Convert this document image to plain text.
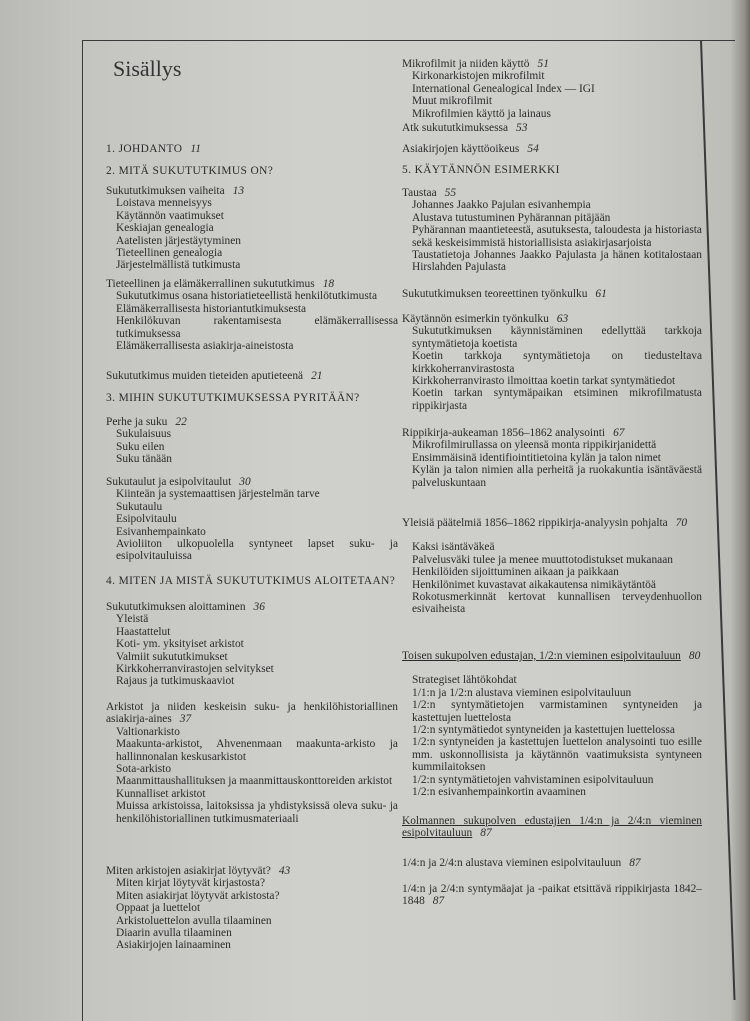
Sisällys
1. JOHDANTO 11
2. MITÄ SUKUTUTKIMUS ON?
Sukututkimuksen vaiheita 13
Loistava menneisyys
Käytännön vaatimukset
Keskiajan genealogia
Aatelisten järjestäytyminen
Tieteellinen genealogia
Järjestelmällistä tutkimusta
Tieteellinen ja elämäkerrallinen sukututkimus 18
Sukututkimus osana historiatieteellistä henkilötutkimusta
Elämäkerrallisesta historiantutkimuksesta
Henkilökuvan rakentamisesta elämäkerrallisessa tutkimuksessa
Elämäkerrallisesta asiakirja-aineistosta
Sukututkimus muiden tieteiden aputieteenä 21
3. MIHIN SUKUTUTKIMUKSESSA PYRITÄÄN?
Perhe ja suku 22
Sukulaisuus
Suku eilen
Suku tänään
Sukutaulut ja esipolvitaulut 30
Kiinteän ja systemaattisen järjestelmän tarve
Sukutaulu
Esipolvitaulu
Esivanhempainkato
Avioliiton ulkopuolella syntyneet lapset suku- ja esipolvitauluissa
4. MITEN JA MISTÄ SUKUTUTKIMUS ALOITETAAN?
Sukututkimuksen aloittaminen 36
Yleistä
Haastattelut
Koti- ym. yksityiset arkistot
Valmiit sukututkimukset
Kirkkoherranvirastojen selvitykset
Rajaus ja tutkimuskaaviot
Arkistot ja niiden keskeisin suku- ja henkilöhistoriallinen asiakirja-aines 37
Valtionarkisto
Maakunta-arkistot, Ahvenenmaan maakunta-arkisto ja hallinnonalan keskusarkistot
Sota-arkisto
Maanmittaushallituksen ja maanmittauskonttoreiden arkistot
Kunnalliset arkistot
Muissa arkistoissa, laitoksissa ja yhdistyksissä oleva suku- ja henkilöhistoriallinen tutkimusmateriaali
Miten arkistojen asiakirjat löytyvät? 43
Miten kirjat löytyvät kirjastosta?
Miten asiakirjat löytyvät arkistosta?
Oppaat ja luettelot
Arkistoluettelon avulla tilaaminen
Diaarin avulla tilaaminen
Asiakirjojen lainaaminen
Mikrofilmit ja niiden käyttö 51
Kirkonarkistojen mikrofilmit
International Genealogical Index — IGI
Muut mikrofilmit
Mikrofilmien käyttö ja lainaus
Atk sukututkimuksessa 53
Asiakirjojen käyttöoikeus 54
5. KÄYTÄNNÖN ESIMERKKI
Taustaa 55
Johannes Jaakko Pajulan esivanhempia
Alustava tutustuminen Pyhärannan pitäjään
Pyhärannan maantieteestä, asutuksesta, taloudesta ja historiasta sekä keskeisimmistä historiallisista asiakirjasarjoista
Taustatietoja Johannes Jaakko Pajulasta ja hänen kotitalostaan Hirslahden Pajulasta
Sukututkimuksen teoreettinen työnkulku 61
Käytännön esimerkin työnkulku 63
Sukututkimuksen käynnistäminen edellyttää tarkkoja syntymätietoja koetista
Koetin tarkkoja syntymätietoja on tiedusteltava kirkkoherranvirastosta
Kirkkoherranvirasto ilmoittaa koetin tarkat syntymätiedot
Koetin tarkan syntymäpaikan etsiminen mikrofilmatusta rippikirjasta
Rippikirja-aukeaman 1856–1862 analysointi 67
Mikrofilmirullassa on yleensä monta rippikirjanidettä
Ensimmäisinä identifiointitietoina kylän ja talon nimet
Kylän ja talon nimien alla perheitä ja ruokakuntia isäntäväestä palveluskuntaan
Yleisiä päätelmiä 1856–1862 rippikirja-analyysin pohjalta 70
Kaksi isäntäväkeä
Palvelusväki tulee ja menee muuttotodistukset mukanaan
Henkilöiden sijoittuminen aikaan ja paikkaan
Henkilönimet kuvastavat aikakautensa nimikäytäntöä
Rokotusmerkinnät kertovat kunnallisen terveydenhuollon esivaiheista
Toisen sukupolven edustajan, 1/2:n vieminen esipolvitauluun 80
Strategiset lähtökohdat
1/1:n ja 1/2:n alustava vieminen esipolvitauluun
1/2:n syntymätietojen varmistaminen syntyneiden ja kastettujen luettelosta
1/2:n syntymätiedot syntyneiden ja kastettujen luettelossa
1/2:n syntyneiden ja kastettujen luettelon analysointi tuo esille mm. uskonnollisista ja käytännön vaatimuksista syntyneen kummilaitoksen
1/2:n syntymätietojen vahvistaminen esipolvitauluun
1/2:n esivanhempainkortin avaaminen
Kolmannen sukupolven edustajien 1/4:n ja 2/4:n vieminen esipolvitauluun 87
1/4:n ja 2/4:n alustava vieminen esipolvitauluun 87
1/4:n ja 2/4:n syntymäajat ja -paikat etsittävä rippikirjasta 1842–1848 87
